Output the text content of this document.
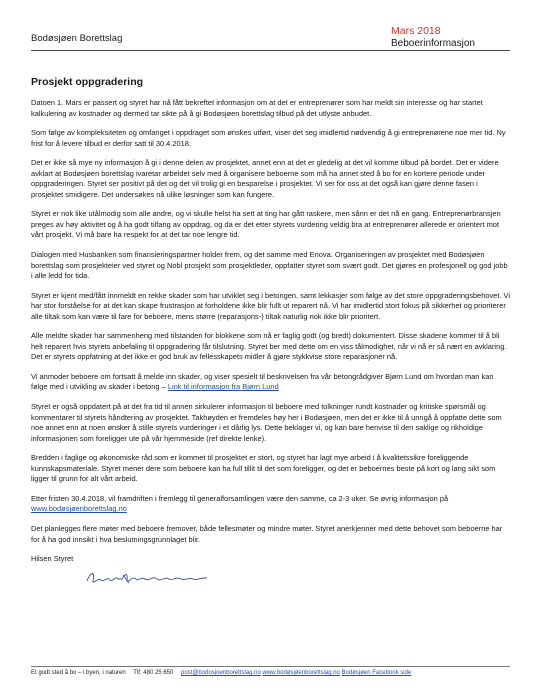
Bodøsjøen Borettslag
Mars 2018
Beboerinformasjon
Prosjekt oppgradering

Datoen 1. Mars er passert og styret har nå fått bekreftet informasjon om at det er entreprenører som har meldt sin interesse og har startet kalkulering av kostnader og dermed tar sikte på å gi Bodøsjøen borettslag tilbud på det utlyste anbudet.

Som følge av kompleksiteten og omfanget i oppdraget som ønskes utført, viser det seg imidlertid nødvendig å gi entreprenørene noe mer tid. Ny frist for å levere tilbud er derfor satt til 30.4.2018.

Det er ikke så mye ny informasjon å gi i denne delen av prosjektet, annet enn at det er gledelig at det vil komme tilbud på bordet. Det er videre avklart at Bodøsjøen borettslag ivaretar arbeidet selv med å organisere beboerne som må ha annet sted å bo for en kortere periode under oppgraderingen. Styret ser positivt på det og det vil trolig gi en besparelse i prosjektet. Vi ser for oss at det også kan gjøre denne fasen i prosjektet smidigere. Det undersøkes nå ulike løsninger som kan fungere.

Styret er nok like utålmodig som alle andre, og vi skulle helst ha sett at ting har gått raskere, men sånn er det nå en gang. Entreprenørbransjen preges av høy aktivitet og å ha godt tilfang av oppdrag, og da er det etter styrets vurdering veldig bra at entreprenører allerede er orientert mot vårt prosjekt. Vi må bare ha respekt for at det tar noe lengre tid.

Dialogen med Husbanken som finansieringspartner holder frem, og det samme med Enova. Organiseringen av prosjektet med Bodøsjøen borettslag som prosjekteier ved styret og Nobl prosjekt som prosjektleder, oppfatter styret som svært godt. Det gjøres en profesjonell og god jobb i alle ledd for tida.

Styret er kjent med/fått innmeldt en rekke skader som har utviklet seg i betongen, samt lekkasjer som følge av det store oppgraderingsbehovet. Vi har stor forståelse for at det kan skape frustrasjon at forholdene ikke blir fullt ut reparert nå. Vi har imidlertid stort fokus på sikkerhet og prioriterer alle tiltak som kan være til fare for beboere, mens større (reparasjons-) tiltak naturlig nok ikke blir prioritert.

Alle meldte skader har sammenheng med tilstanden for blokkene som nå er faglig godt (og bredt) dokumentert. Disse skadene kommer til å bli helt reparert hvis styrets anbefaling til oppgradering får tilslutning. Styret ber med dette om en viss tålmodighet, når vi nå er så nært en avklaring. Det er styrets oppfatning at det ikke er god bruk av fellesskapets midler å gjøre stykkvise store reparasjoner nå.

Vi anmoder beboere om fortsatt å melde inn skader, og viser spesielt til beskrivelsen fra vår betongrådgiver Bjørn Lund om hvordan man kan følge med i utvikling av skader i betong – Link til informasjon fra Bjørn Lund

Styret er også oppdatert på at det fra tid til annen sirkulerer informasjon til beboere med tolkninger rundt kostnader og kritiske spørsmål og kommentarer til styrets håndtering av prosjektet. Takhøyden er fremdeles høy her i Bodøsjøen, men det er ikke til å unngå å oppfatte dette som noe annet enn at noen ønsker å stille styrets vurderinger i et dårlig lys. Dette beklager vi, og kan bare henvise til den saklige og rikholdige informasjonen som foreligger ute på vår hjemmeside (ref direkte lenke).

Bredden i faglige og økonomiske råd som er kommet til prosjektet er stort, og styret har lagt mye arbeid i å kvalitetssikre foreliggende kunnskapsmateriale. Styret mener dere som beboere kan ha full tillit til det som foreligger, og det er beboernes beste på kort og lang sikt som ligger til grunn for alt vårt arbeid.

Etter fristen 30.4.2018, vil framdriften i fremlegg til generalforsamlingen være den samme, ca 2-3 uker. Se øvrig informasjon på www.bodøsjøenborettslag.no

Det planlegges flere møter med beboere fremover, både fellesmøter og mindre møter. Styret anerkjenner med dette behovet som beboerne har for å ha god innsikt i hva beslutningsgrunnlaget blir.

Hilsen Styret

Et godt sted å bo – i byen, i naturen Tlf: 480 25 650 post@bodosjoenborettslag.no www.bodøsjøenborettslag.no Bodøsjøen Facebook side
